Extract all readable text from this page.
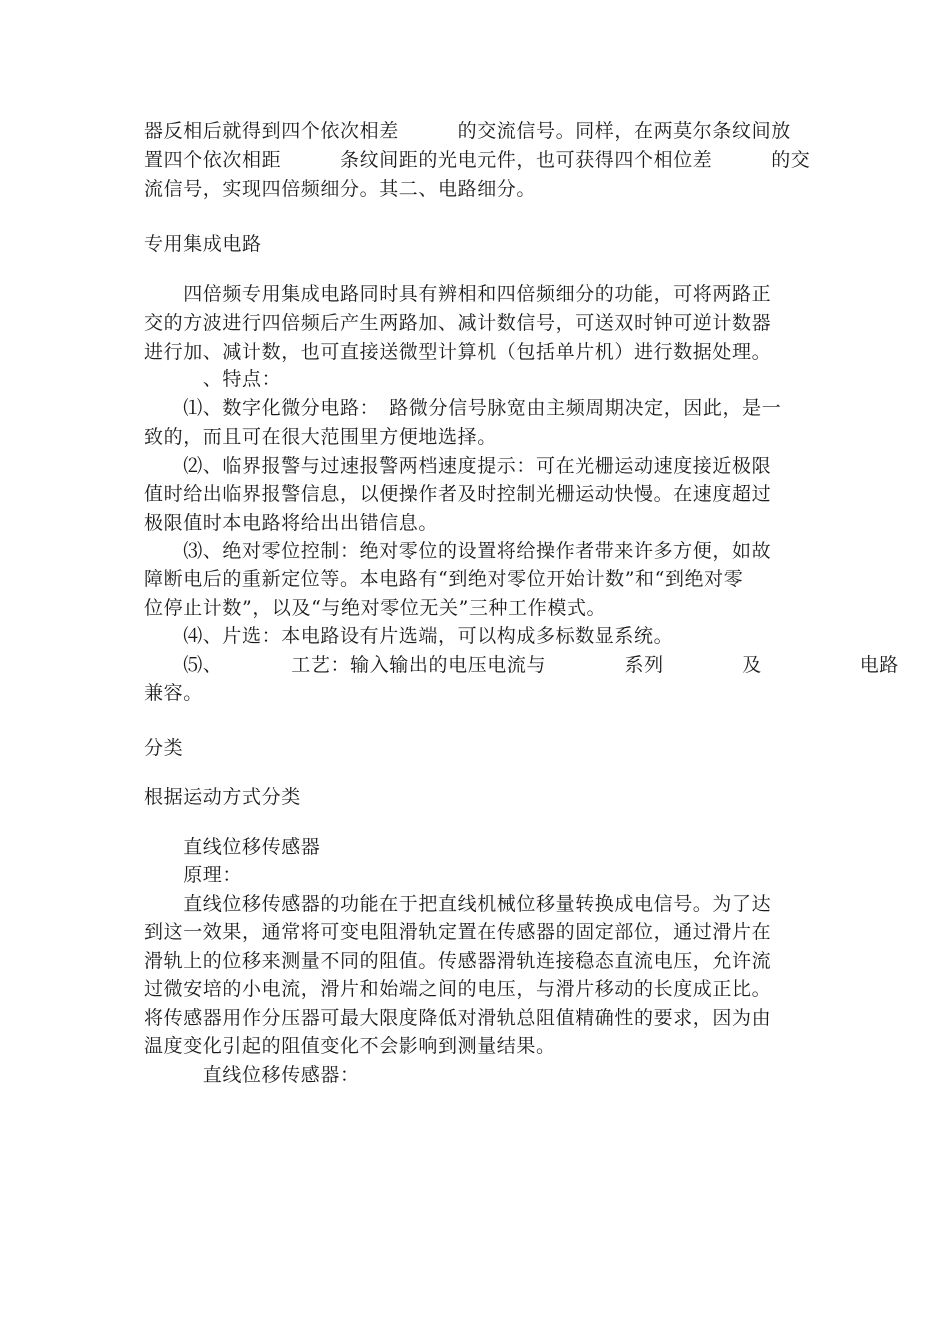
器反相后就得到四个依次相差　　　的交流信号。同样，在两莫尔条纹间放
置四个依次相距　　　条纹间距的光电元件，也可获得四个相位差　　　的交
流信号，实现四倍频细分。其二、电路细分。
专用集成电路
　　四倍频专用集成电路同时具有辨相和四倍频细分的功能，可将两路正
交的方波进行四倍频后产生两路加、减计数信号，可送双时钟可逆计数器
进行加、减计数，也可直接送微型计算机（包括单片机）进行数据处理。
　　　、特点：
　　⑴、数字化微分电路：　路微分信号脉宽由主频周期决定，因此，是一
致的，而且可在很大范围里方便地选择。
　　⑵、临界报警与过速报警两档速度提示：可在光栅运动速度接近极限
值时给出临界报警信息，以便操作者及时控制光栅运动快慢。在速度超过
极限值时本电路将给出出错信息。
　　⑶、绝对零位控制：绝对零位的设置将给操作者带来许多方便，如故
障断电后的重新定位等。本电路有“到绝对零位开始计数”和“到绝对零
位停止计数”，以及“与绝对零位无关”三种工作模式。
　　⑷、片选：本电路设有片选端，可以构成多标数显系统。
　　⑸、　　　　工艺：输入输出的电压电流与　　　　系列　　　　及　　　　　电路
兼容。
分类
根据运动方式分类
　　直线位移传感器
　　原理：
　　直线位移传感器的功能在于把直线机械位移量转换成电信号。为了达
到这一效果，通常将可变电阻滑轨定置在传感器的固定部位，通过滑片在
滑轨上的位移来测量不同的阻值。传感器滑轨连接稳态直流电压，允许流
过微安培的小电流，滑片和始端之间的电压，与滑片移动的长度成正比。
将传感器用作分压器可最大限度降低对滑轨总阻值精确性的要求，因为由
温度变化引起的阻值变化不会影响到测量结果。
　　　直线位移传感器：
